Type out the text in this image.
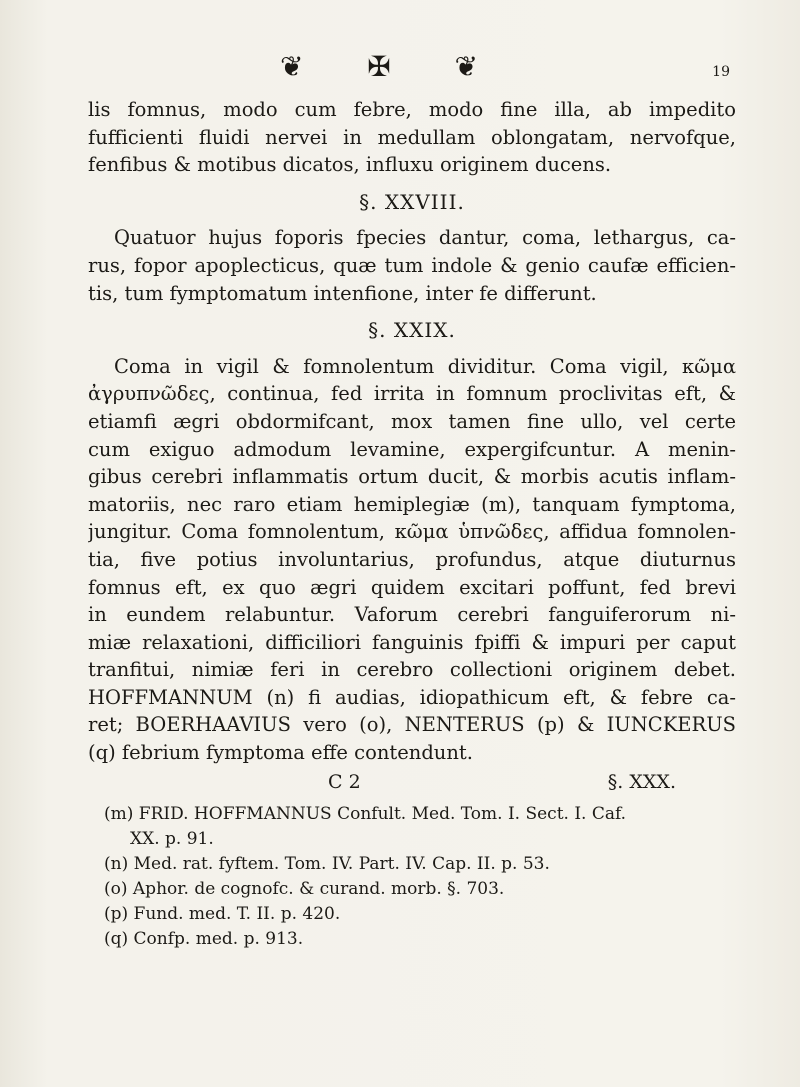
❦ ✠ ❦	19
lis fomnus, modo cum febre, modo fine illa, ab impedito
fufficienti fluidi nervei in medullam oblongatam, nervofque,
fenfibus & motibus dicatos, influxu originem ducens.
§. XXVIII.
Quatuor hujus foporis fpecies dantur, coma, lethargus, ca-
rus, fopor apoplecticus, quæ tum indole & genio caufæ efficien-
tis, tum fymptomatum intenfione, inter fe differunt.
§. XXIX.
Coma in vigil & fomnolentum dividitur. Coma vigil, κῶμα
ἀγρυπνῶδες, continua, fed irrita in fomnum proclivitas eft, &
etiamfi ægri obdormifcant, mox tamen fine ullo, vel certe
cum exiguo admodum levamine, expergifcuntur. A menin-
gibus cerebri inflammatis ortum ducit, & morbis acutis inflam-
matoriis, nec raro etiam hemiplegiæ (m), tanquam fymptoma,
jungitur. Coma fomnolentum, κῶμα ὑπνῶδες, affidua fomnolen-
tia, five potius involuntarius, profundus, atque diuturnus
fomnus eft, ex quo ægri quidem excitari poffunt, fed brevi
in eundem relabuntur. Vaforum cerebri fanguiferorum ni-
miæ relaxationi, difficiliori fanguinis fpiffi & impuri per caput
tranfitui, nimiæ feri in cerebro collectioni originem debet.
HOFFMANNUM (n) fi audias, idiopathicum eft, & febre ca-
ret; BOERHAAVIUS vero (o), NENTERUS (p) & IUNCKERUS
(q) febrium fymptoma effe contendunt.
C 2	§. XXX.
(m) FRID. HOFFMANNUS Confult. Med. Tom. I. Sect. I. Caf.
XX. p. 91.
(n) Med. rat. fyftem. Tom. IV. Part. IV. Cap. II. p. 53.
(o) Aphor. de cognofc. & curand. morb. §. 703.
(p) Fund. med. T. II. p. 420.
(q) Confp. med. p. 913.
